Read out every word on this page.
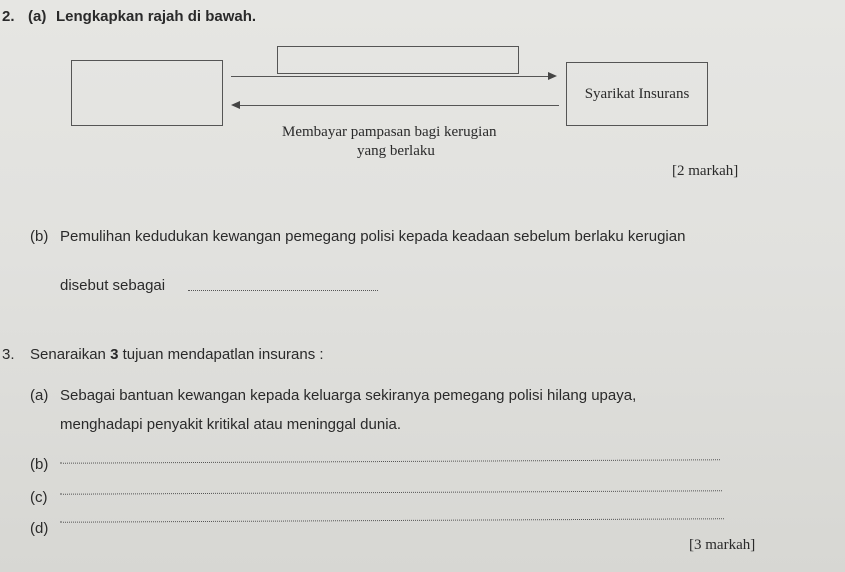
2. (a) Lengkapkan rajah di bawah.
Syarikat Insurans
Membayar pampasan bagi kerugian
yang berlaku
[2 markah]
(b) Pemulihan kedudukan kewangan pemegang polisi kepada keadaan sebelum berlaku kerugian
disebut sebagai
3. Senaraikan 3 tujuan mendapatlan insurans :
(a) Sebagai bantuan kewangan kepada keluarga sekiranya pemegang polisi hilang upaya,
menghadapi penyakit kritikal atau meninggal dunia.
(b)
(c)
(d)
[3 markah]
